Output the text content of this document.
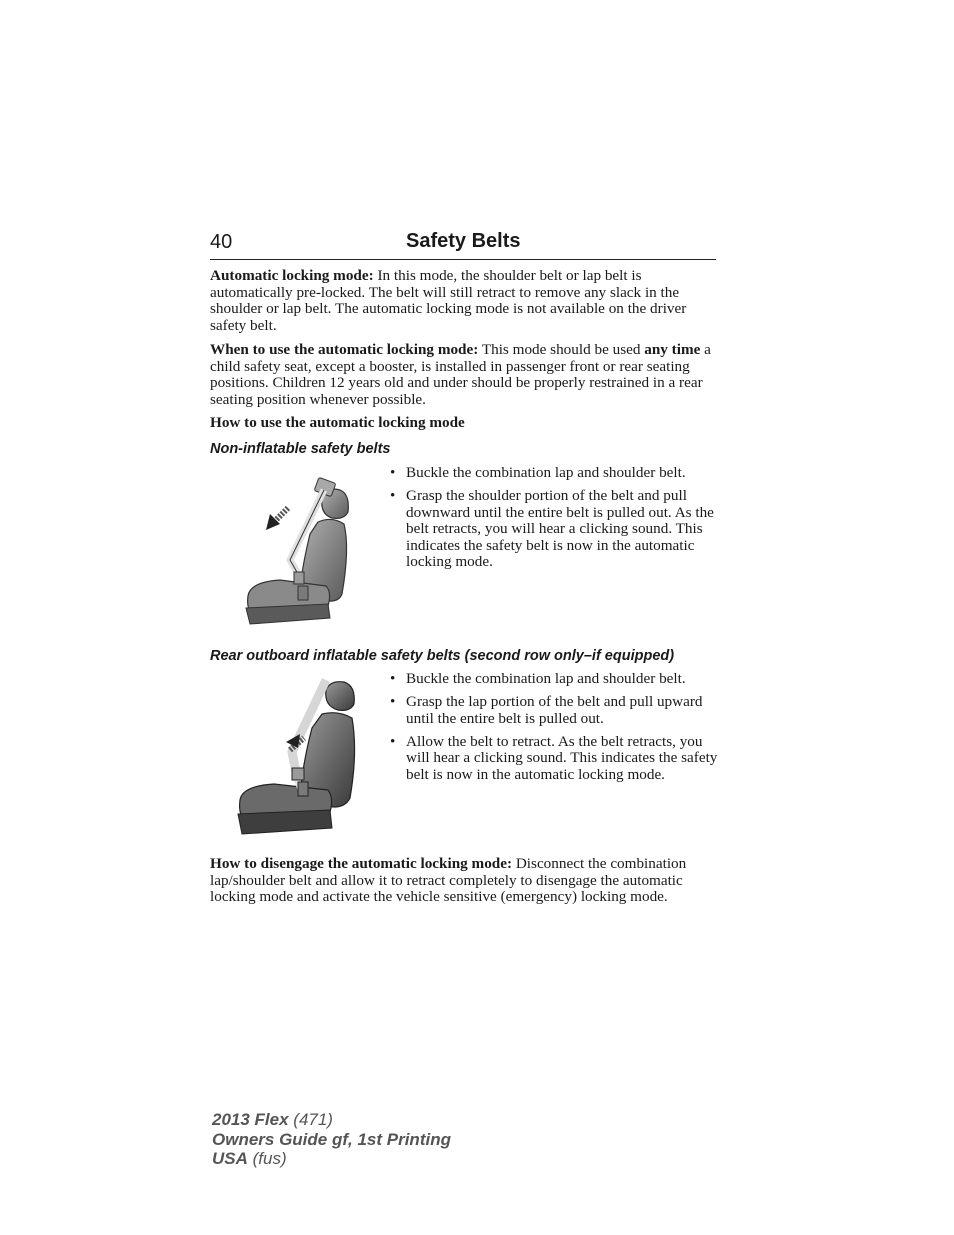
40	Safety Belts

Automatic locking mode: In this mode, the shoulder belt or lap belt is automatically pre-locked. The belt will still retract to remove any slack in the shoulder or lap belt. The automatic locking mode is not available on the driver safety belt.

When to use the automatic locking mode: This mode should be used any time a child safety seat, except a booster, is installed in passenger front or rear seating positions. Children 12 years old and under should be properly restrained in a rear seating position whenever possible.

How to use the automatic locking mode

Non-inflatable safety belts
• Buckle the combination lap and shoulder belt.
• Grasp the shoulder portion of the belt and pull downward until the entire belt is pulled out. As the belt retracts, you will hear a clicking sound. This indicates the safety belt is now in the automatic locking mode.
Rear outboard inflatable safety belts (second row only–if equipped)
• Buckle the combination lap and shoulder belt.
• Grasp the lap portion of the belt and pull upward until the entire belt is pulled out.
• Allow the belt to retract. As the belt retracts, you will hear a clicking sound. This indicates the safety belt is now in the automatic locking mode.

How to disengage the automatic locking mode: Disconnect the combination lap/shoulder belt and allow it to retract completely to disengage the automatic locking mode and activate the vehicle sensitive (emergency) locking mode.

2013 Flex (471)
Owners Guide gf, 1st Printing
USA (fus)
